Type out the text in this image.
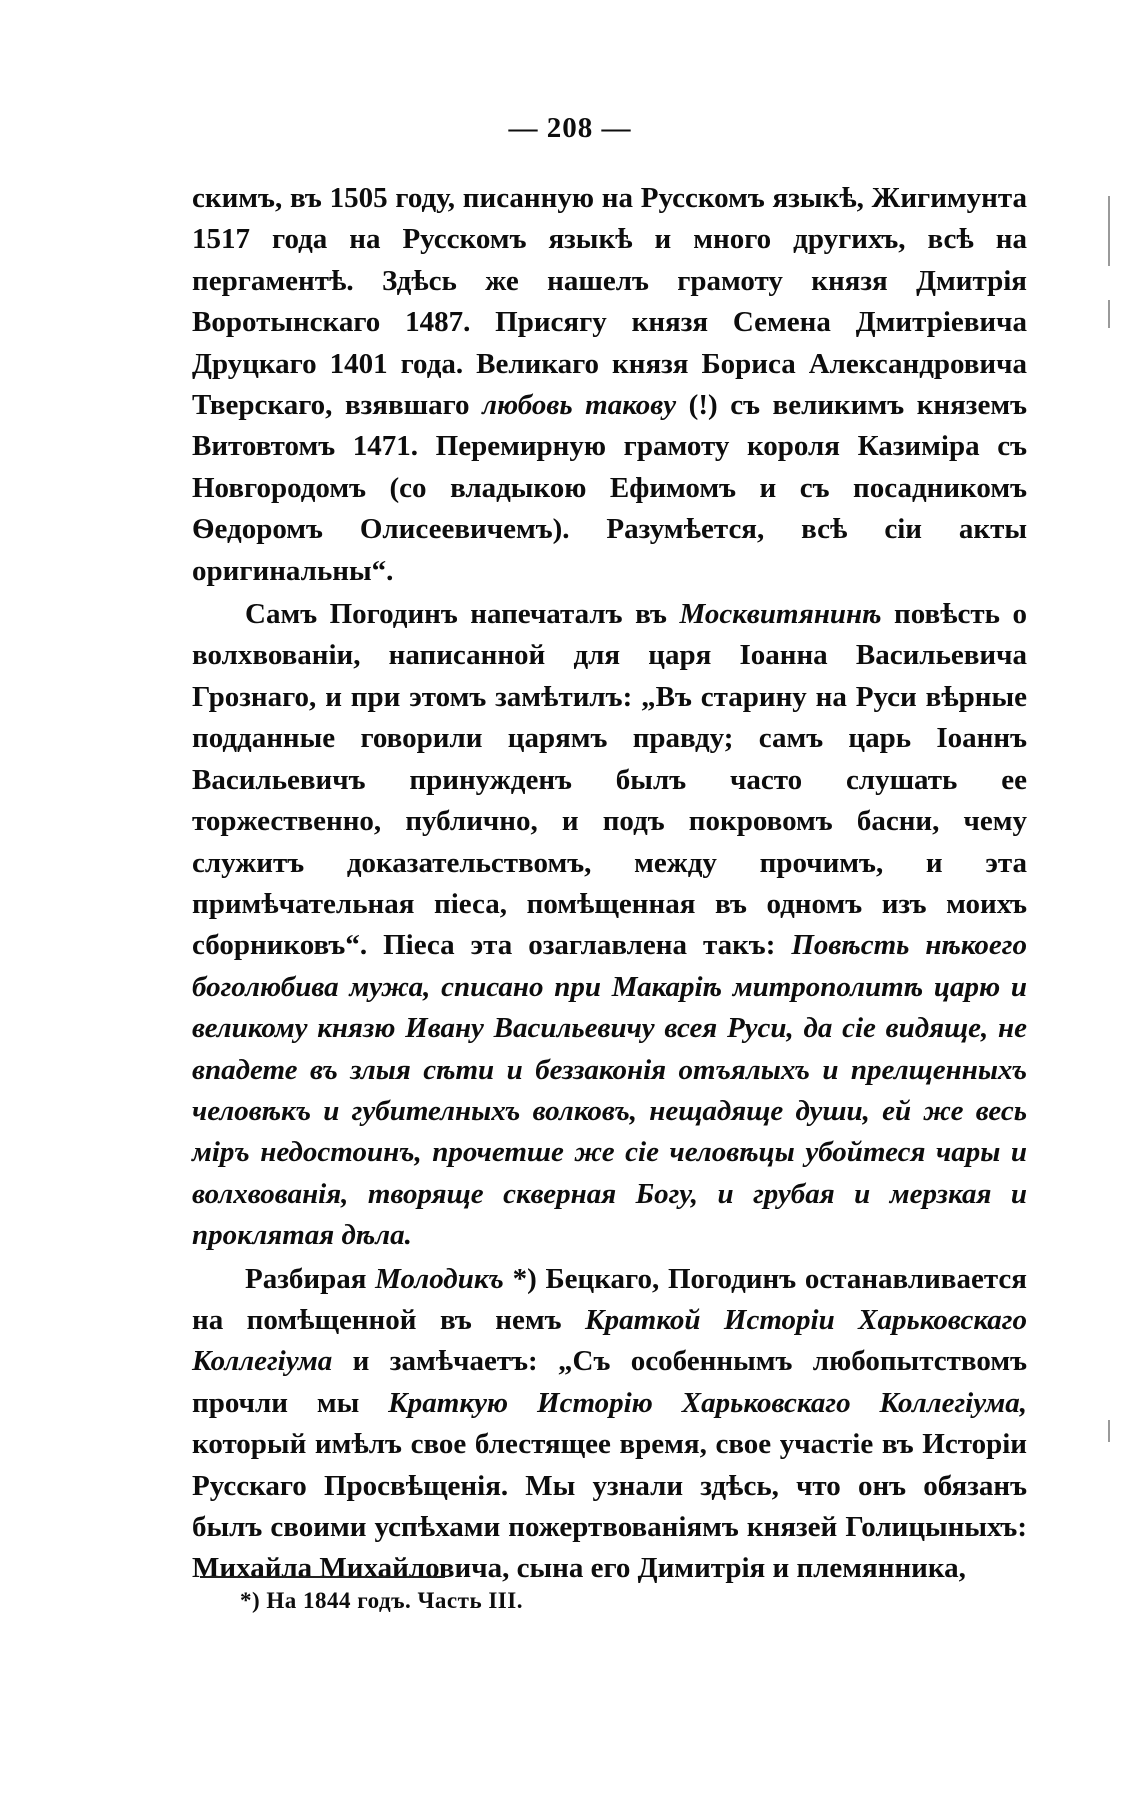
— 208 —

скимъ, въ 1505 году, писанную на Русскомъ языкѣ, Жигимунта 1517 года на Русскомъ языкѣ и много другихъ, всѣ на пергаментѣ. Здѣсь же нашелъ грамоту князя Дмитрія Воротынскаго 1487. Присягу князя Семена Дмитріевича Друцкаго 1401 года. Великаго князя Бориса Александровича Тверскаго, взявшаго любовь такову (!) съ великимъ княземъ Витовтомъ 1471. Перемирную грамоту короля Казиміра съ Новгородомъ (со владыкою Ефимомъ и съ посадникомъ Ѳедоромъ Олисеевичемъ). Разумѣется, всѣ сіи акты оригинальны“.

Самъ Погодинъ напечаталъ въ Москвитянинѣ повѣсть о волхвованіи, написанной для царя Іоанна Васильевича Грознаго, и при этомъ замѣтилъ: „Въ старину на Руси вѣрные подданные говорили царямъ правду; самъ царь Іоаннъ Васильевичъ принужденъ былъ часто слушать ее торжественно, публично, и подъ покровомъ басни, чему служитъ доказательствомъ, между прочимъ, и эта примѣчательная піеса, помѣщенная въ одномъ изъ моихъ сборниковъ“. Піеса эта озаглавлена такъ: Повѣсть нѣкоего боголюбива мужа, списано при Макаріѣ митрополитѣ царю и великому князю Ивану Васильевичу всея Руси, да сіе видяще, не впадете въ злыя сѣти и беззаконія отъялыхъ и прелщенныхъ человѣкъ и губителныхъ волковъ, нещадяще души, ей же весь міръ недостоинъ, прочетше же сіе человѣцы убойтеся чары и волхвованія, творяще скверная Богу, и грубая и мерзкая и проклятая дѣла.

Разбирая Молодикъ *) Бецкаго, Погодинъ останавливается на помѣщенной въ немъ Краткой Исторіи Харьковскаго Коллегіума и замѣчаетъ: „Съ особеннымъ любопытствомъ прочли мы Краткую Исторію Харьковскаго Коллегіума, который имѣлъ свое блестящее время, свое участіе въ Исторіи Русскаго Просвѣщенія. Мы узнали здѣсь, что онъ обязанъ былъ своими успѣхами пожертвованіямъ князей Голицыныхъ: Михайла Михайловича, сына его Димитрія и племянника,

*) На 1844 годъ. Часть III.
